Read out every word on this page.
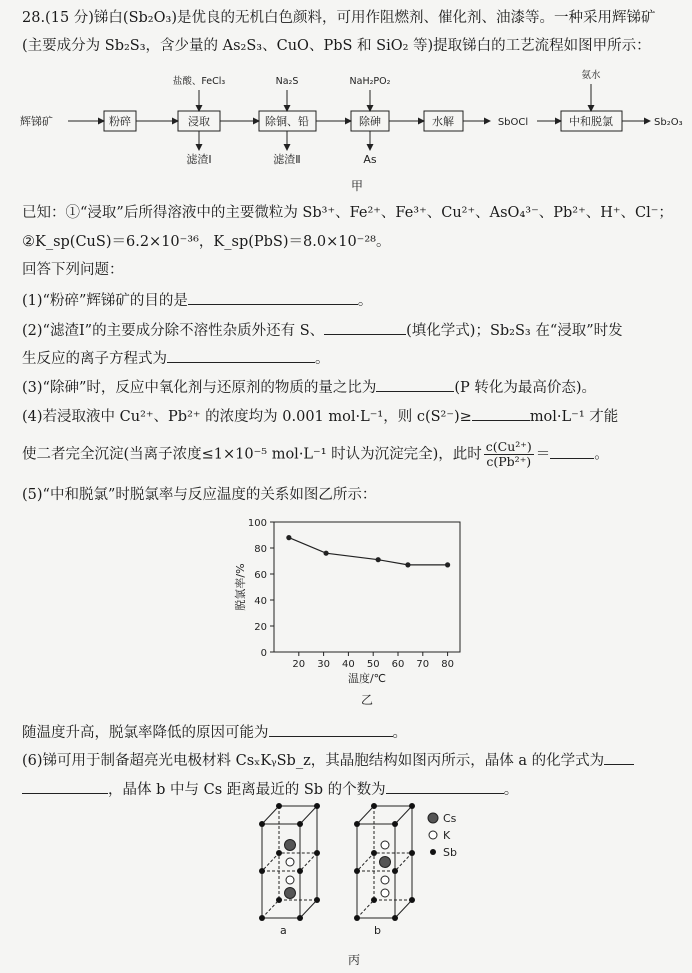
28.(15 分)锑白(Sb₂O₃)是优良的无机白色颜料，可用作阻燃剂、催化剂、油漆等。一种采用辉锑矿
(主要成分为 Sb₂S₃，含少量的 As₂S₃、CuO、PbS 和 SiO₂ 等)提取锑白的工艺流程如图甲所示：
辉锑矿	粉碎	浸取	除铜、铅	除砷	水解	中和脱氯
盐酸、FeCl₃	Na₂S	NaH₂PO₂
氨水
滤渣Ⅰ	滤渣Ⅱ	As
SbOCl	Sb₂O₃
甲
已知：①“浸取”后所得溶液中的主要微粒为 Sb³⁺、Fe²⁺、Fe³⁺、Cu²⁺、AsO₄³⁻、Pb²⁺、H⁺、Cl⁻；
②K_sp(CuS)＝6.2×10⁻³⁶，K_sp(PbS)＝8.0×10⁻²⁸。
回答下列问题：
(1)“粉碎”辉锑矿的目的是	。
(2)“滤渣Ⅰ”的主要成分除不溶性杂质外还有 S、	(填化学式)；Sb₂S₃ 在“浸取”时发
生反应的离子方程式为	。
(3)“除砷”时，反应中氧化剂与还原剂的物质的量之比为	(P 转化为最高价态)。
(4)若浸取液中 Cu²⁺、Pb²⁺ 的浓度均为 0.001 mol·L⁻¹，则 c(S²⁻)≥	mol·L⁻¹ 才能
使二者完全沉淀(当离子浓度≤1×10⁻⁵ mol·L⁻¹ 时认为沉淀完全)，此时 $\frac{\text{c(Cu²⁺)}}{\text{c(Pb²⁺)}}$ ＝	。
(5)“中和脱氯”时脱氯率与反应温度的关系如图乙所示：
0
20
40
60
80
100
20 30 40 50 60 70 80
脱氯率/%
温度/℃
乙
随温度升高，脱氯率降低的原因可能为	。
(6)锑可用于制备超亮光电极材料 CsₓKᵧSb_z，其晶胞结构如图丙所示，晶体 a 的化学式为
，晶体 b 中与 Cs 距离最近的 Sb 的个数为	。
Cs
K
Sb
a	b
丙
